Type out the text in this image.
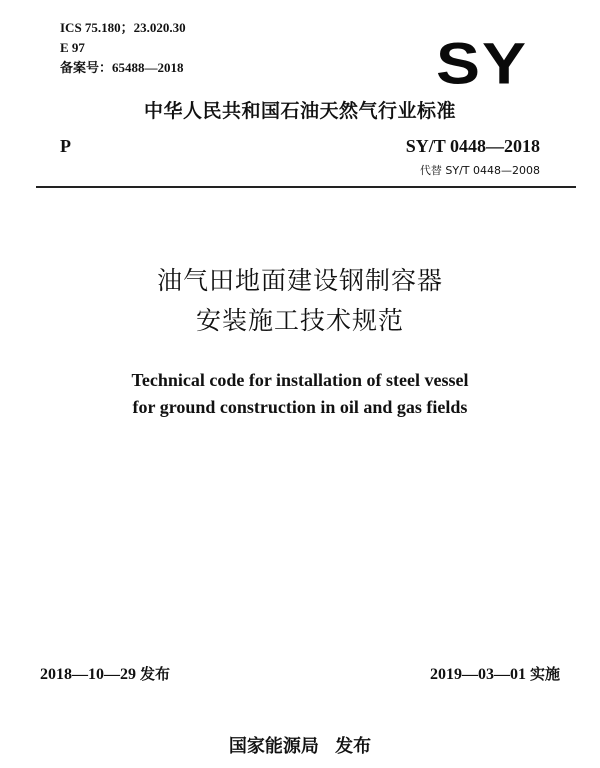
ICS 75.180；23.020.30
E 97
备案号：65488—2018	SY
中华人民共和国石油天然气行业标准
P	SY/T 0448—2018
代替 SY/T 0448—2008
油气田地面建设钢制容器
安装施工技术规范
Technical code for installation of steel vessel
for ground construction in oil and gas fields
2018—10—29 发布	2019—03—01 实施
国家能源局 发布
